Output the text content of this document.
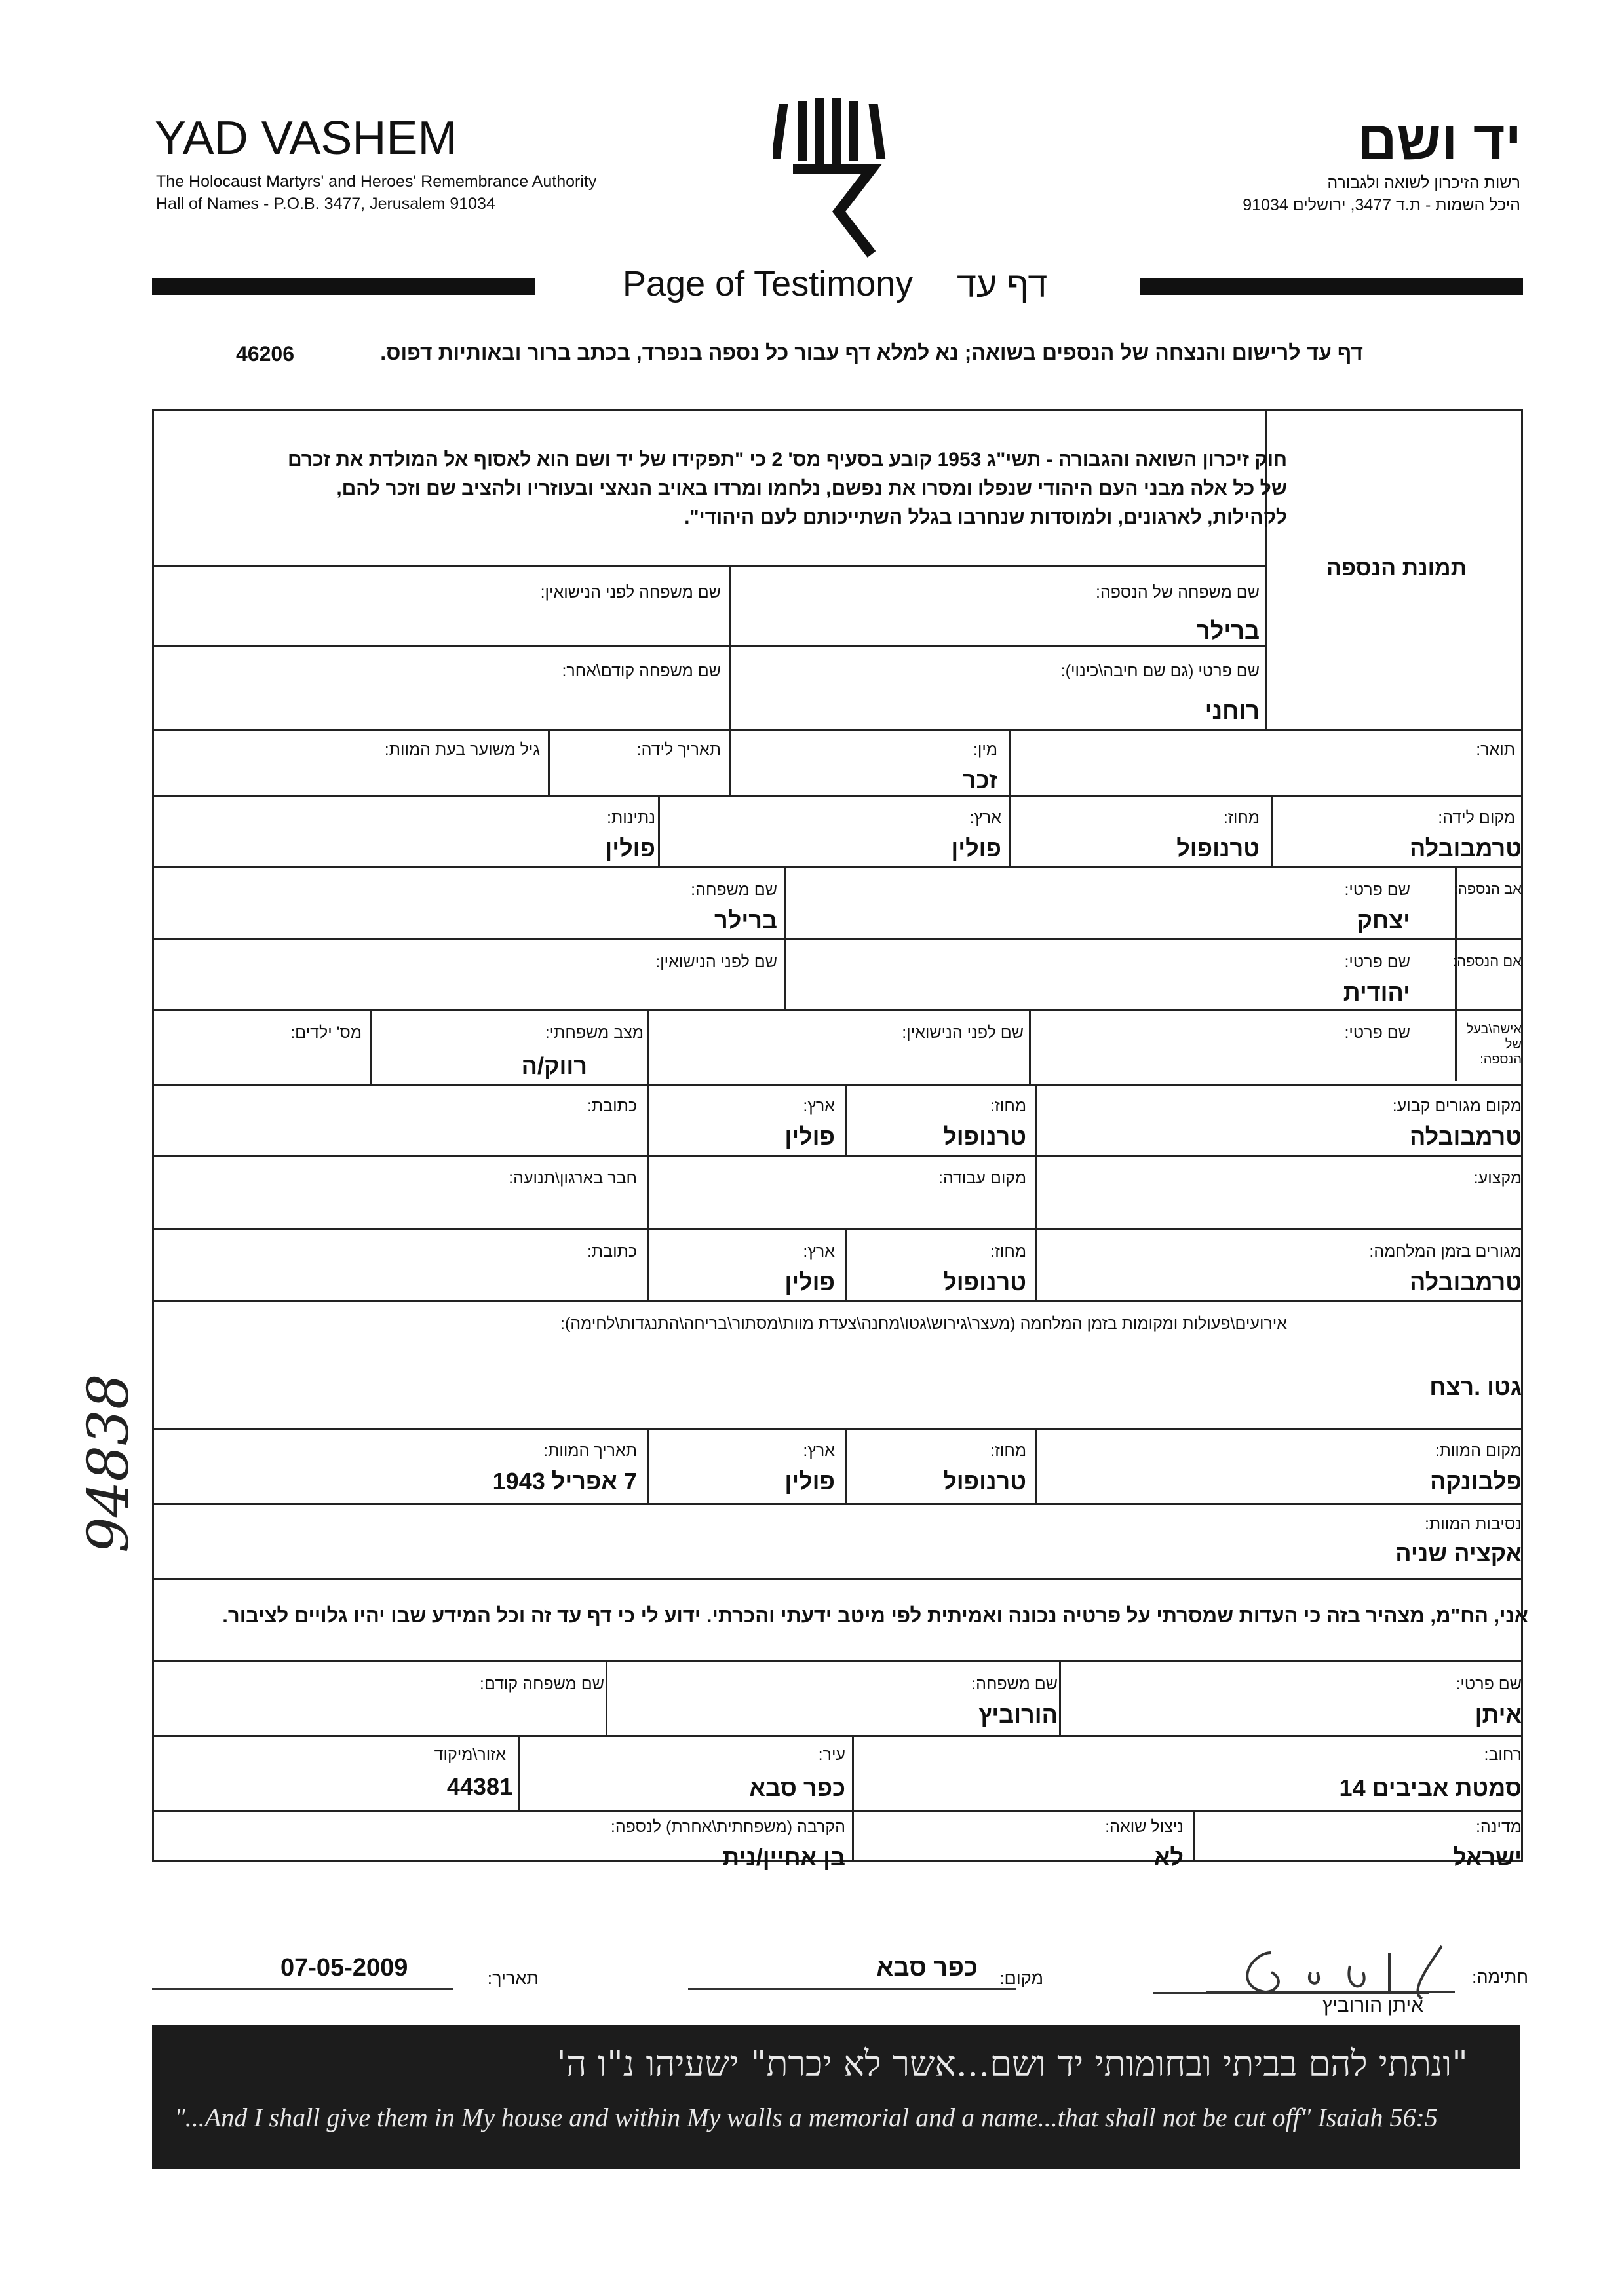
YAD VASHEM
The Holocaust Martyrs' and Heroes' Remembrance Authority
Hall of Names - P.O.B. 3477, Jerusalem 91034
יד ושם
רשות הזיכרון לשואה ולגבורה
היכל השמות - ת.ד 3477, ירושלים 91034
Page of Testimony דף עד
דף עד לרישום והנצחה של הנספים בשואה; נא למלא דף עבור כל נספה בנפרד, בכתב ברור ובאותיות דפוס.
46206
חוק זיכרון השואה והגבורה - תשי"ג 1953 קובע בסעיף מס' 2 כי "תפקידו של יד ושם הוא לאסוף אל המולדת את זכרם של כל אלה מבני העם היהודי שנפלו ומסרו את נפשם, נלחמו ומרדו באויב הנאצי ובעוזריו ולהציב שם וזכר להם, לקהילות, לארגונים, ולמוסדות שנחרבו בגלל השתייכותם לעם היהודי".
תמונת הנספה
שם משפחה של הנספה:
ברילר
שם משפחה לפני הנישואין:
שם פרטי (גם שם חיבה\כינוי):
רוחני
שם משפחה קודם\אחר:
תואר:
מין:
זכר
תאריך לידה:
גיל משוער בעת המוות:
מקום לידה:
טרמבובלה
מחוז:
טרנופול
ארץ:
פולין
נתינות:
פולין
אב הנספה:
שם פרטי:
יצחק
שם משפחה:
ברילר
אם הנספה:
שם פרטי:
יהודית
שם לפני הנישואין:
אישה\בעל של הנספה:
שם פרטי:
שם לפני הנישואין:
מצב משפחתי:
רווק/ה
מס' ילדים:
מקום מגורים קבוע:
טרמבובלה
מחוז:
טרנופול
ארץ:
פולין
כתובת:
מקצוע:
מקום עבודה:
חבר בארגון\תנועה:
מגורים בזמן המלחמה:
טרמבובלה
מחוז:
טרנופול
ארץ:
פולין
כתובת:
אירועים\פעולות ומקומות בזמן המלחמה (מעצר\גירוש\גטו\מחנה\צעדת מוות\מסתור\בריחה\התנגדות\לחימה):
גטו .רצח
מקום המוות:
פלבונקה
מחוז:
טרנופול
ארץ:
פולין
תאריך המוות:
7 אפריל 1943
נסיבות המוות:
אקציה שניה
אני, הח"מ, מצהיר בזה כי העדות שמסרתי על פרטיה נכונה ואמיתית לפי מיטב ידעתי והכרתי. ידוע לי כי דף עד זה וכל המידע שבו יהיו גלויים לציבור.
שם פרטי:
איתן
שם משפחה:
הורוביץ
שם משפחה קודם:
רחוב:
סמטת אביבים 14
עיר:
כפר סבא
אזור\מיקוד
44381
מדינה:
ישראל
ניצול שואה:
לא
הקרבה (משפחתית\אחרת) לנספה:
בן אחיין/נית
חתימה:
איתן הורוביץ
מקום:
כפר סבא
תאריך:
07-05-2009
94838
"ונתתי להם בביתי ובחומותי יד ושם...אשר לא יכרת" ישעיהו נ"ו ה'
"...And I shall give them in My house and within My walls a memorial and a name...that shall not be cut off" Isaiah 56:5
